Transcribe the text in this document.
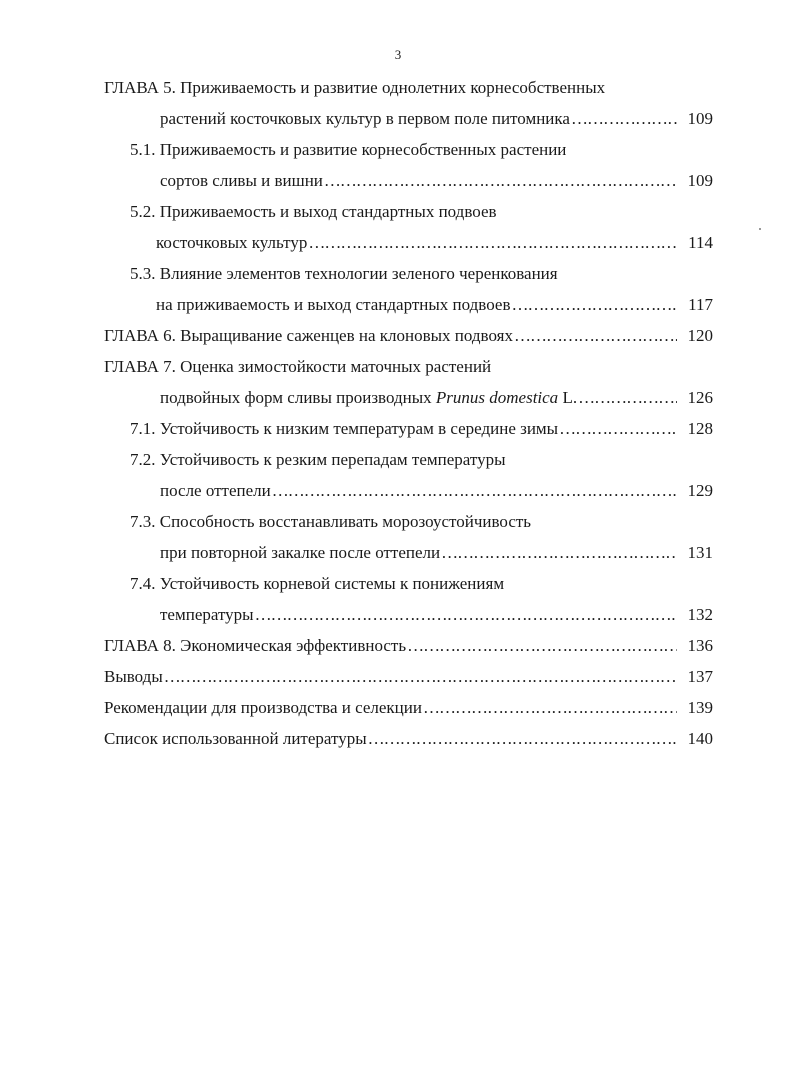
3
ГЛАВА 5. Приживаемость и развитие однолетних корнесобственных
растений косточковых культур в первом поле питомника …………………………………………………………………………………………………………………………………………………	109
5.1. Приживаемость и развитие корнесобственных растении
сортов сливы и вишни …………………………………………………………………………………………………………………………………………………	109
5.2. Приживаемость и выход стандартных подвоев
косточковых культур …………………………………………………………………………………………………………………………………………………	114
5.3. Влияние элементов технологии зеленого черенкования
на приживаемость и выход стандартных подвоев …………………………………………………………………………………………………………………………………………………	117
ГЛАВА 6. Выращивание саженцев на клоновых подвоях …………………………………………………………………………………………………………………………………………………	120
ГЛАВА 7. Оценка зимостойкости маточных растений
подвойных форм сливы производных Prunus domestica L. …………………………………………………………………………………………………………………………………………………	126
7.1. Устойчивость к низким температурам в середине зимы …………………………………………………………………………………………………………………………………………………	128
7.2. Устойчивость к резким перепадам температуры
после оттепели …………………………………………………………………………………………………………………………………………………	129
7.3. Способность восстанавливать морозоустойчивость
при повторной закалке после оттепели …………………………………………………………………………………………………………………………………………………	131
7.4. Устойчивость корневой системы к понижениям
температуры …………………………………………………………………………………………………………………………………………………	132
ГЛАВА 8. Экономическая эффективность …………………………………………………………………………………………………………………………………………………	136
Выводы …………………………………………………………………………………………………………………………………………………	137
Рекомендации для производства и селекции …………………………………………………………………………………………………………………………………………………	139
Список использованной литературы …………………………………………………………………………………………………………………………………………………	140
